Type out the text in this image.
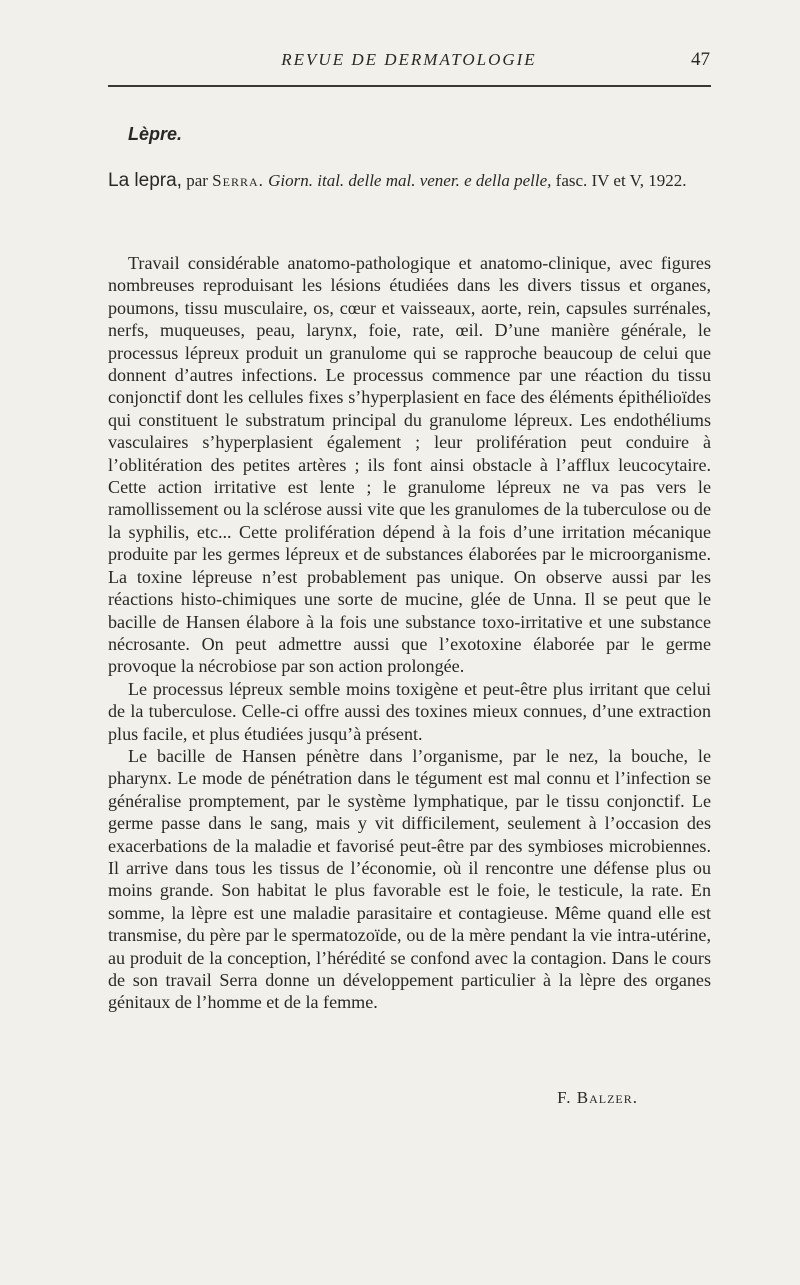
REVUE DE DERMATOLOGIE	47
Lèpre.
La lepra, par Serra. Giorn. ital. delle mal. vener. e della pelle, fasc. IV et V, 1922.

Travail considérable anatomo-pathologique et anatomo-clinique, avec figures nombreuses reproduisant les lésions étudiées dans les divers tissus et organes, poumons, tissu musculaire, os, cœur et vaisseaux, aorte, rein, capsules surrénales, nerfs, muqueuses, peau, larynx, foie, rate, œil. D’une manière générale, le processus lépreux produit un granulome qui se rapproche beaucoup de celui que donnent d’autres infections. Le processus commence par une réaction du tissu conjonctif dont les cellules fixes s’hyperplasient en face des éléments épithélioïdes qui constituent le substratum principal du granulome lépreux. Les endothéliums vasculaires s’hyperplasient également ; leur prolifération peut conduire à l’oblitération des petites artères ; ils font ainsi obstacle à l’afflux leucocytaire. Cette action irritative est lente ; le granulome lépreux ne va pas vers le ramollissement ou la sclérose aussi vite que les granulomes de la tuberculose ou de la syphilis, etc... Cette prolifération dépend à la fois d’une irritation mécanique produite par les germes lépreux et de substances élaborées par le microorganisme. La toxine lépreuse n’est probablement pas unique. On observe aussi par les réactions histo-chimiques une sorte de mucine, glée de Unna. Il se peut que le bacille de Hansen élabore à la fois une substance toxo-irritative et une substance nécrosante. On peut admettre aussi que l’exotoxine élaborée par le germe provoque la nécrobiose par son action prolongée.

Le processus lépreux semble moins toxigène et peut-être plus irritant que celui de la tuberculose. Celle-ci offre aussi des toxines mieux connues, d’une extraction plus facile, et plus étudiées jusqu’à présent.

Le bacille de Hansen pénètre dans l’organisme, par le nez, la bouche, le pharynx. Le mode de pénétration dans le tégument est mal connu et l’infection se généralise promptement, par le système lymphatique, par le tissu conjonctif. Le germe passe dans le sang, mais y vit difficilement, seulement à l’occasion des exacerbations de la maladie et favorisé peut-être par des symbioses microbiennes. Il arrive dans tous les tissus de l’économie, où il rencontre une défense plus ou moins grande. Son habitat le plus favorable est le foie, le testicule, la rate. En somme, la lèpre est une maladie parasitaire et contagieuse. Même quand elle est transmise, du père par le spermatozoïde, ou de la mère pendant la vie intra-utérine, au produit de la conception, l’hérédité se confond avec la contagion. Dans le cours de son travail Serra donne un développement particulier à la lèpre des organes génitaux de l’homme et de la femme.

F. Balzer.
